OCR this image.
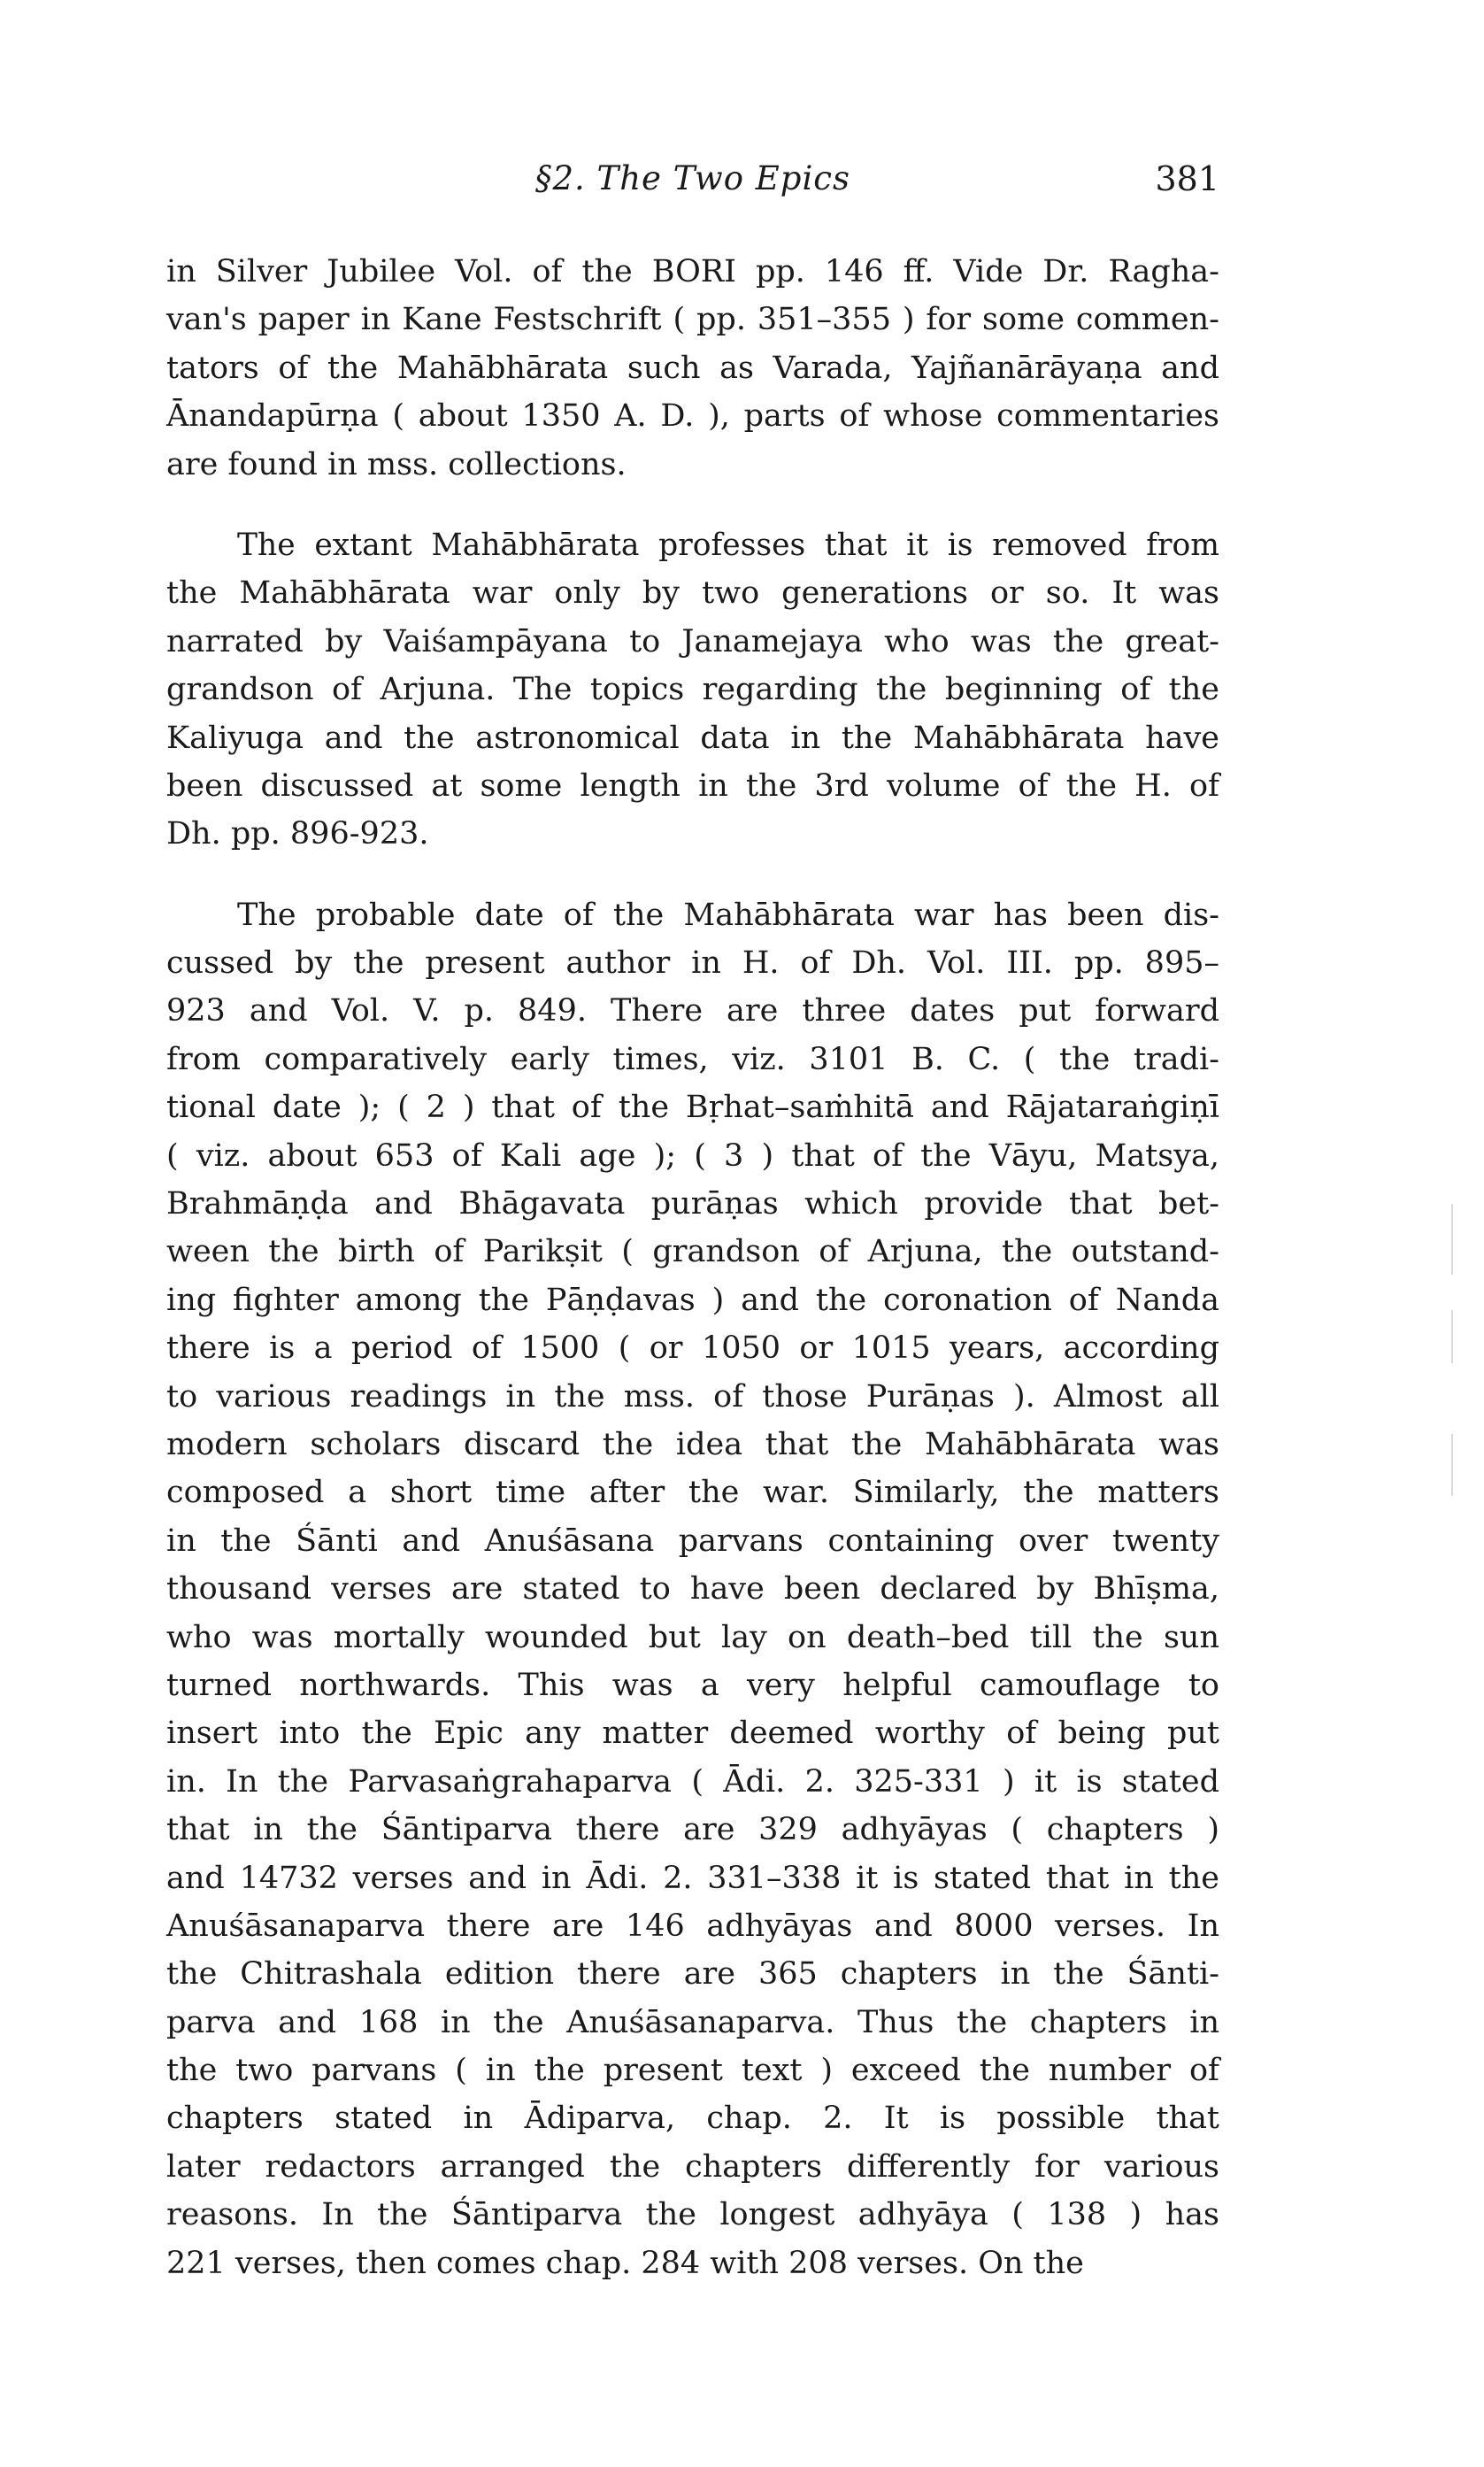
§2. The Two Epics	381
in Silver Jubilee Vol. of the BORI pp. 146 ff. Vide Dr. Ragha-
van's paper in Kane Festschrift ( pp. 351–355 ) for some commen-
tators of the Mahābhārata such as Varada, Yajñanārāyaṇa and
Ānandapūrṇa ( about 1350 A. D. ), parts of whose commentaries
are found in mss. collections.
The extant Mahābhārata professes that it is removed from
the Mahābhārata war only by two generations or so. It was
narrated by Vaiśampāyana to Janamejaya who was the great-
grandson of Arjuna. The topics regarding the beginning of the
Kaliyuga and the astronomical data in the Mahābhārata have
been discussed at some length in the 3rd volume of the H. of
Dh. pp. 896-923.
The probable date of the Mahābhārata war has been dis-
cussed by the present author in H. of Dh. Vol. III. pp. 895–
923 and Vol. V. p. 849. There are three dates put forward
from comparatively early times, viz. 3101 B. C. ( the tradi-
tional date ); ( 2 ) that of the Bṛhat–saṁhitā and Rājataraṅgiṇī
( viz. about 653 of Kali age ); ( 3 ) that of the Vāyu, Matsya,
Brahmāṇḍa and Bhāgavata purāṇas which provide that bet-
ween the birth of Parikṣit ( grandson of Arjuna, the outstand-
ing fighter among the Pāṇḍavas ) and the coronation of Nanda
there is a period of 1500 ( or 1050 or 1015 years, according
to various readings in the mss. of those Purāṇas ). Almost all
modern scholars discard the idea that the Mahābhārata was
composed a short time after the war. Similarly, the matters
in the Śānti and Anuśāsana parvans containing over twenty
thousand verses are stated to have been declared by Bhīṣma,
who was mortally wounded but lay on death–bed till the sun
turned northwards. This was a very helpful camouflage to
insert into the Epic any matter deemed worthy of being put
in. In the Parvasaṅgrahaparva ( Ādi. 2. 325-331 ) it is stated
that in the Śāntiparva there are 329 adhyāyas ( chapters )
and 14732 verses and in Ādi. 2. 331–338 it is stated that in the
Anuśāsanaparva there are 146 adhyāyas and 8000 verses. In
the Chitrashala edition there are 365 chapters in the Śānti-
parva and 168 in the Anuśāsanaparva. Thus the chapters in
the two parvans ( in the present text ) exceed the number of
chapters stated in Ādiparva, chap. 2. It is possible that
later redactors arranged the chapters differently for various
reasons. In the Śāntiparva the longest adhyāya ( 138 ) has
221 verses, then comes chap. 284 with 208 verses. On the
